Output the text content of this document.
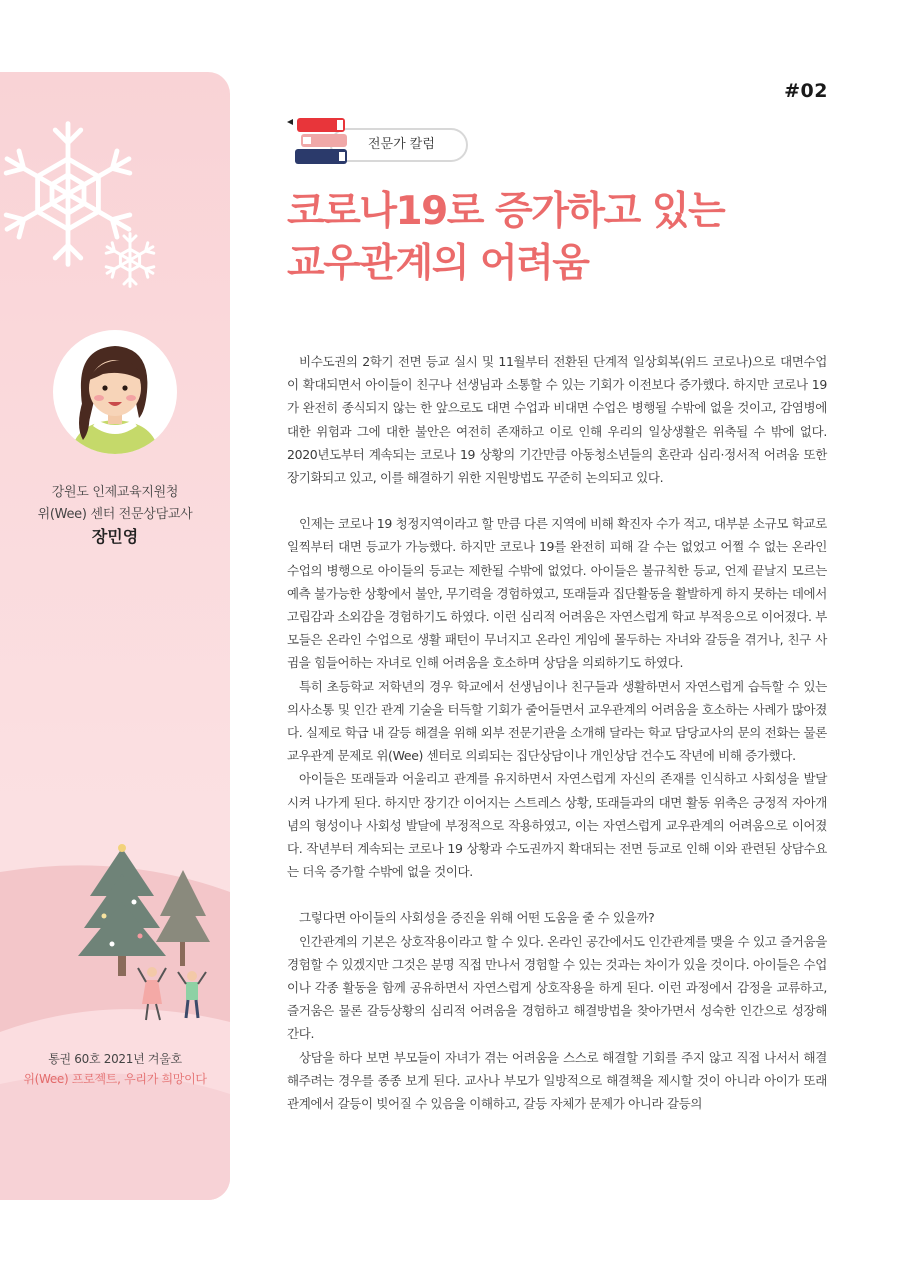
강원도 인제교육지원청
위(Wee) 센터 전문상담교사
장민영
통권 60호 2021년 겨울호
위(Wee) 프로젝트, 우리가 희망이다
#02
전문가 칼럼
코로나19로 증가하고 있는
교우관계의 어려움

비수도권의 2학기 전면 등교 실시 및 11월부터 전환된 단계적 일상회복(위드 코로나)으로 대면수업이 확대되면서 아이들이 친구나 선생님과 소통할 수 있는 기회가 이전보다 증가했다. 하지만 코로나 19가 완전히 종식되지 않는 한 앞으로도 대면 수업과 비대면 수업은 병행될 수밖에 없을 것이고, 감염병에 대한 위험과 그에 대한 불안은 여전히 존재하고 이로 인해 우리의 일상생활은 위축될 수 밖에 없다. 2020년도부터 계속되는 코로나 19 상황의 기간만큼 아동청소년들의 혼란과 심리·정서적 어려움 또한 장기화되고 있고, 이를 해결하기 위한 지원방법도 꾸준히 논의되고 있다.

인제는 코로나 19 청정지역이라고 할 만큼 다른 지역에 비해 확진자 수가 적고, 대부분 소규모 학교로 일찍부터 대면 등교가 가능했다. 하지만 코로나 19를 완전히 피해 갈 수는 없었고 어쩔 수 없는 온라인 수업의 병행으로 아이들의 등교는 제한될 수밖에 없었다. 아이들은 불규칙한 등교, 언제 끝날지 모르는 예측 불가능한 상황에서 불안, 무기력을 경험하였고, 또래들과 집단활동을 활발하게 하지 못하는 데에서 고립감과 소외감을 경험하기도 하였다. 이런 심리적 어려움은 자연스럽게 학교 부적응으로 이어졌다. 부모들은 온라인 수업으로 생활 패턴이 무너지고 온라인 게임에 몰두하는 자녀와 갈등을 겪거나, 친구 사귐을 힘들어하는 자녀로 인해 어려움을 호소하며 상담을 의뢰하기도 하였다.

특히 초등학교 저학년의 경우 학교에서 선생님이나 친구들과 생활하면서 자연스럽게 습득할 수 있는 의사소통 및 인간 관계 기술을 터득할 기회가 줄어들면서 교우관계의 어려움을 호소하는 사례가 많아졌다. 실제로 학급 내 갈등 해결을 위해 외부 전문기관을 소개해 달라는 학교 담당교사의 문의 전화는 물론 교우관계 문제로 위(Wee) 센터로 의뢰되는 집단상담이나 개인상담 건수도 작년에 비해 증가했다.

아이들은 또래들과 어울리고 관계를 유지하면서 자연스럽게 자신의 존재를 인식하고 사회성을 발달시켜 나가게 된다. 하지만 장기간 이어지는 스트레스 상황, 또래들과의 대면 활동 위축은 긍정적 자아개념의 형성이나 사회성 발달에 부정적으로 작용하였고, 이는 자연스럽게 교우관계의 어려움으로 이어졌다. 작년부터 계속되는 코로나 19 상황과 수도권까지 확대되는 전면 등교로 인해 이와 관련된 상담수요는 더욱 증가할 수밖에 없을 것이다.

그렇다면 아이들의 사회성을 증진을 위해 어떤 도움을 줄 수 있을까?

인간관계의 기본은 상호작용이라고 할 수 있다. 온라인 공간에서도 인간관계를 맺을 수 있고 즐거움을 경험할 수 있겠지만 그것은 분명 직접 만나서 경험할 수 있는 것과는 차이가 있을 것이다. 아이들은 수업이나 각종 활동을 함께 공유하면서 자연스럽게 상호작용을 하게 된다. 이런 과정에서 감정을 교류하고, 즐거움은 물론 갈등상황의 심리적 어려움을 경험하고 해결방법을 찾아가면서 성숙한 인간으로 성장해 간다.

상담을 하다 보면 부모들이 자녀가 겪는 어려움을 스스로 해결할 기회를 주지 않고 직접 나서서 해결해주려는 경우를 종종 보게 된다. 교사나 부모가 일방적으로 해결책을 제시할 것이 아니라 아이가 또래관계에서 갈등이 빚어질 수 있음을 이해하고, 갈등 자체가 문제가 아니라 갈등의
